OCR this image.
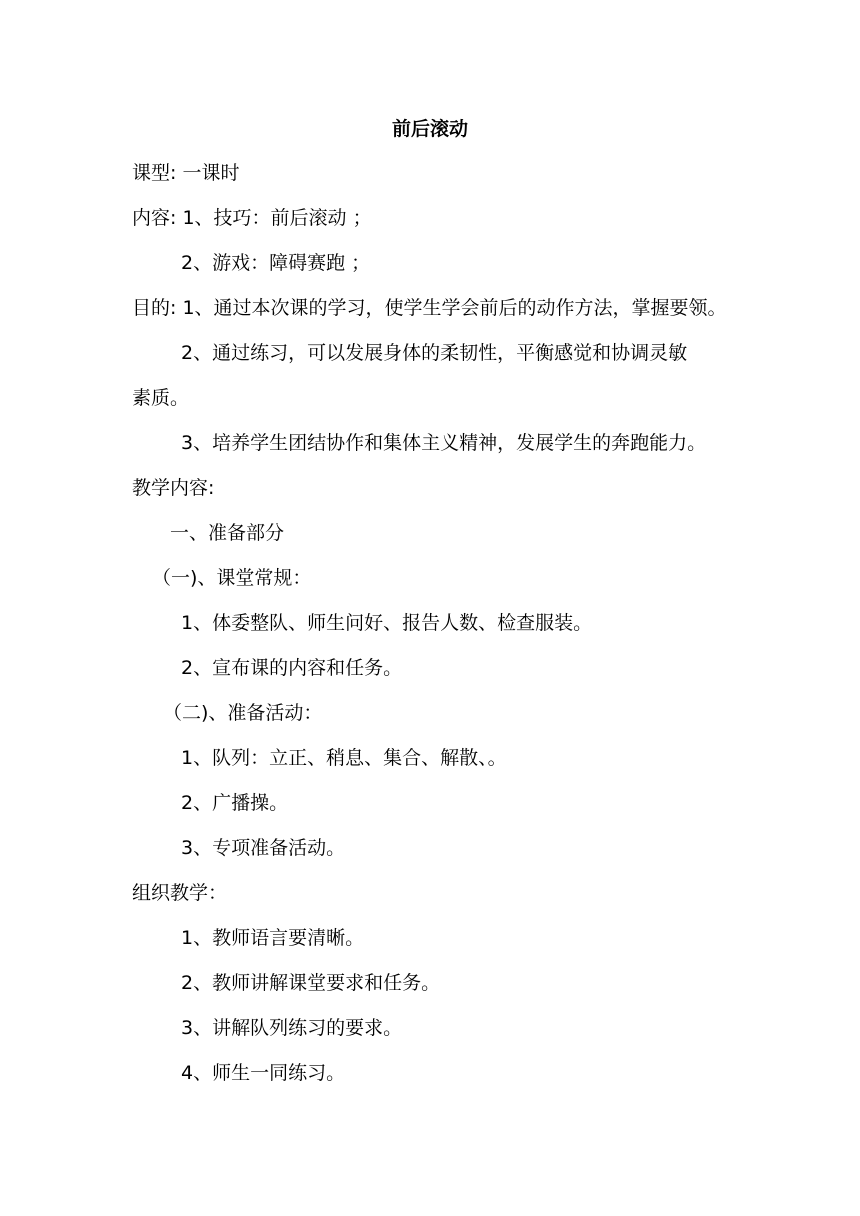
前后滚动
课型: 一课时
内容: 1、技巧：前后滚动 ；
2、游戏：障碍赛跑 ；
目的: 1、通过本次课的学习，使学生学会前后的动作方法，掌握要领。
2、通过练习，可以发展身体的柔韧性，平衡感觉和协调灵敏
素质。
3、培养学生团结协作和集体主义精神，发展学生的奔跑能力。
教学内容:
一、准备部分
（一)、课堂常规：
1、体委整队、师生问好、报告人数、检查服装。
2、宣布课的内容和任务。
（二)、准备活动：
1、队列：立正、稍息、集合、解散、。
2、广播操。
3、专项准备活动。
组织教学：
1、教师语言要清晰。
2、教师讲解课堂要求和任务。
3、讲解队列练习的要求。
4、师生一同练习。
